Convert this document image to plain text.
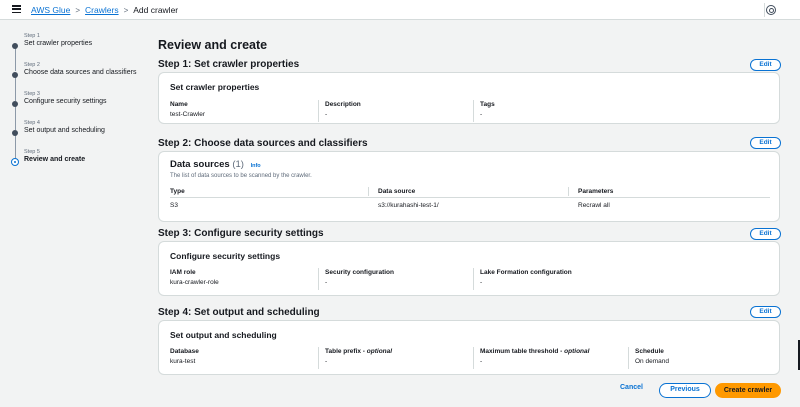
AWS Glue > Crawlers > Add crawler
Step 1
Set crawler properties
Step 2
Choose data sources and classifiers
Step 3
Configure security settings
Step 4
Set output and scheduling
Step 5
Review and create
Review and create
Step 1: Set crawler properties	Edit
Set crawler properties
Name
test-Crawler
Description
-
Tags
-
Step 2: Choose data sources and classifiers	Edit
Data sources (1) Info
The list of data sources to be scanned by the crawler.
Type	Data source	Parameters
S3	s3://kurahashi-test-1/	Recrawl all
Step 3: Configure security settings	Edit
Configure security settings
IAM role
kura-crawler-role
Security configuration
-
Lake Formation configuration
-
Step 4: Set output and scheduling	Edit
Set output and scheduling
Database
kura-test
Table prefix - optional
-
Maximum table threshold - optional
-
Schedule
On demand
Cancel	Previous	Create crawler
